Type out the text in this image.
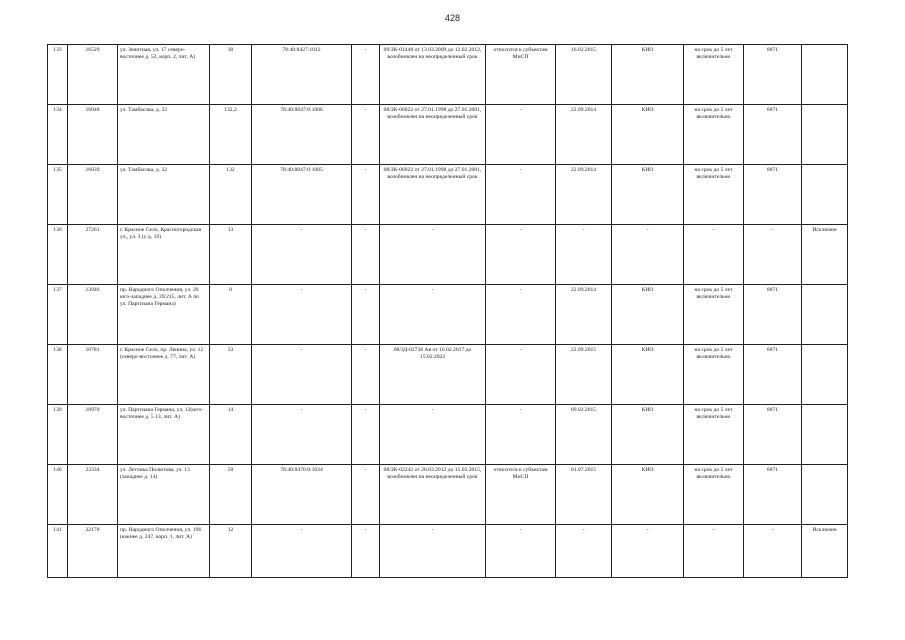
428
133	16529	ул. Зенитная, ул. 17 северо-восточнее д. 52, корп. 2, лит. А)	30	78:40:8427:1012	-	09/ЗК-01448 от 13.03.2009 до 12.02.2012, возобновлен на неопределенный срок	относится к субъектам МиСП	16.02.2015	КИО	на срок до 5 лет включительно	8871	
134	16048	ул. Тамбасова, д. 32	132,2	78:40:8847:0:1006	-	08/ЗК-06022 от 27.01.1998 до 27.01.2001, возобновлен на неопределенный срок	-	22.09.2014	КИО	на срок до 5 лет включительно	8871	
135	16039	ул. Тамбасова, д. 32	132	78:40:8847:0:1005	-	08/ЗК-06022 от 27.01.1998 до 27.01.2001, возобновлен на неопределенный срок	-	22.09.2014	КИО	на срок до 5 лет включительно	8871	
136	27261	г. Красное Село, Красногородская ул., ул. 3 (у д. 19)	13	-	-	-	-	-	-	-	-	Исключен
137	13946	пр. Народного Ополчения, ул. 39 юго-западнее д. 39/215, лит. А по ул. Партизана Германа)	8	-	-	-	-	22.09.2014	КИО	на срок до 5 лет включительно	8871	
138	10781	г. Красное Село, пр. Ленина, ул. 12 (северо-восточнее д. 77, лит. А)	33	-	-	08/ЗД-02738 Ав от 16.02.2017 до 15.02.2022	-	22.09.2015	КИО	на срок до 5 лет включительно	8871	
139	18970	ул. Партизана Германа, ул. 12(юго-восточнее д. 5 13, лит. А)	14	-	-	-	-	09.02.2015	КИО	на срок до 5 лет включительно	8871	
140	23334	ул. Летчика Пилютова, ул. 13 (западнее д. 14)	50	78:40:8476:0:1034	-	08/ЗК-02242 от 26.03.2012 до 15.03.2015, возобновлен на неопределенный срок	относится к субъектам МиСП	01.07.2015	КИО	на срок до 5 лет включительно	8871	
141	22178	пр. Народного Ополчения, ул. 196 (южнее д. 247, корп. 1, лит. А)	12	-	-	-	-	-	-	-	-	Исключен
